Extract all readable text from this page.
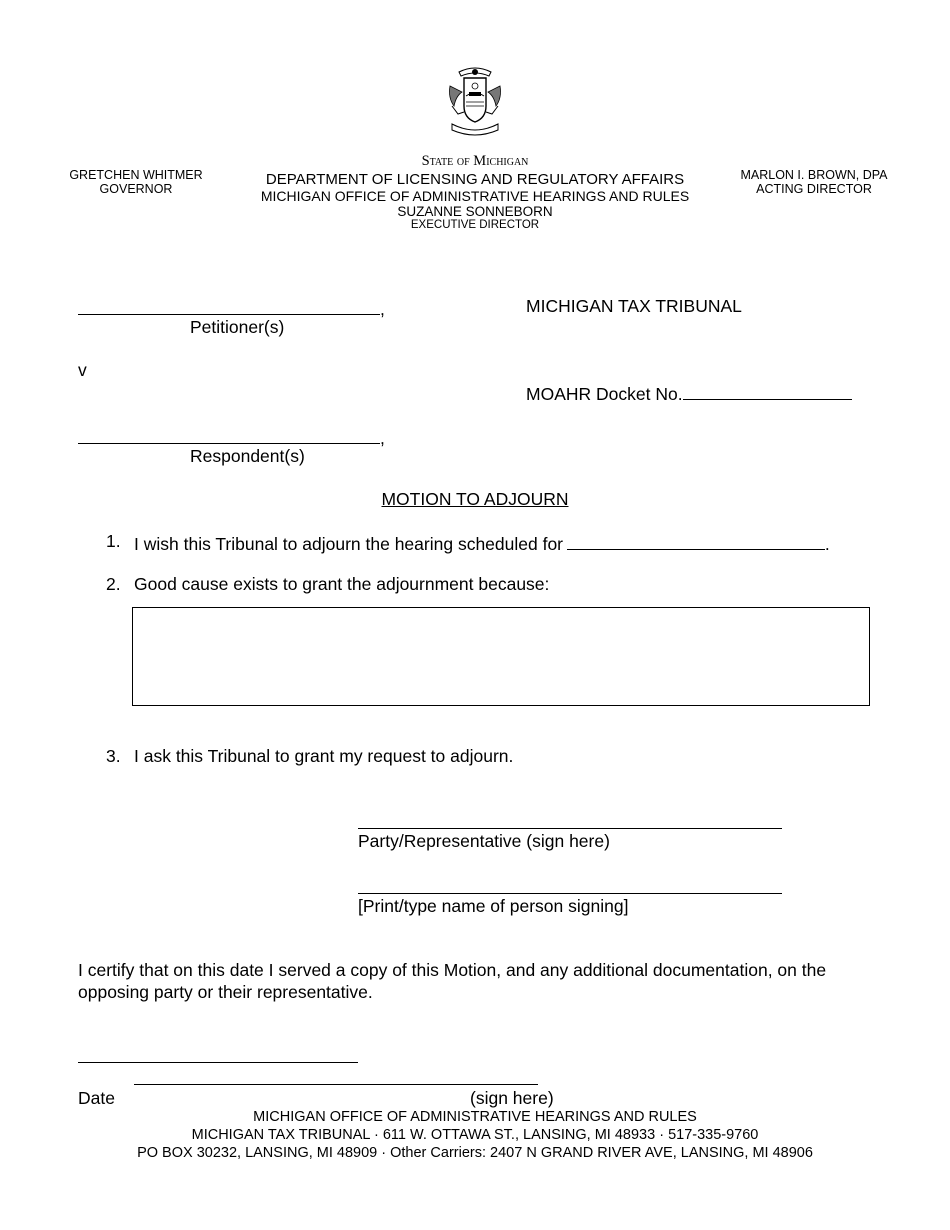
GRETCHEN WHITMER
GOVERNOR
MARLON I. BROWN, DPA
ACTING DIRECTOR
State of Michigan
DEPARTMENT OF LICENSING AND REGULATORY AFFAIRS
MICHIGAN OFFICE OF ADMINISTRATIVE HEARINGS AND RULES
SUZANNE SONNEBORN
EXECUTIVE DIRECTOR
,
Petitioner(s)
v
,
Respondent(s)
MICHIGAN TAX TRIBUNAL
MOAHR Docket No.
MOTION TO ADJOURN
1. I wish this Tribunal to adjourn the hearing scheduled for	.
2. Good cause exists to grant the adjournment because:
3. I ask this Tribunal to grant my request to adjourn.
Party/Representative (sign here)
[Print/type name of person signing]
I certify that on this date I served a copy of this Motion, and any additional documentation, on the
opposing party or their representative.
Date	(sign here)
MICHIGAN OFFICE OF ADMINISTRATIVE HEARINGS AND RULES
MICHIGAN TAX TRIBUNAL · 611 W. OTTAWA ST., LANSING, MI 48933 · 517-335-9760
PO BOX 30232, LANSING, MI 48909 · Other Carriers: 2407 N GRAND RIVER AVE, LANSING, MI 48906
